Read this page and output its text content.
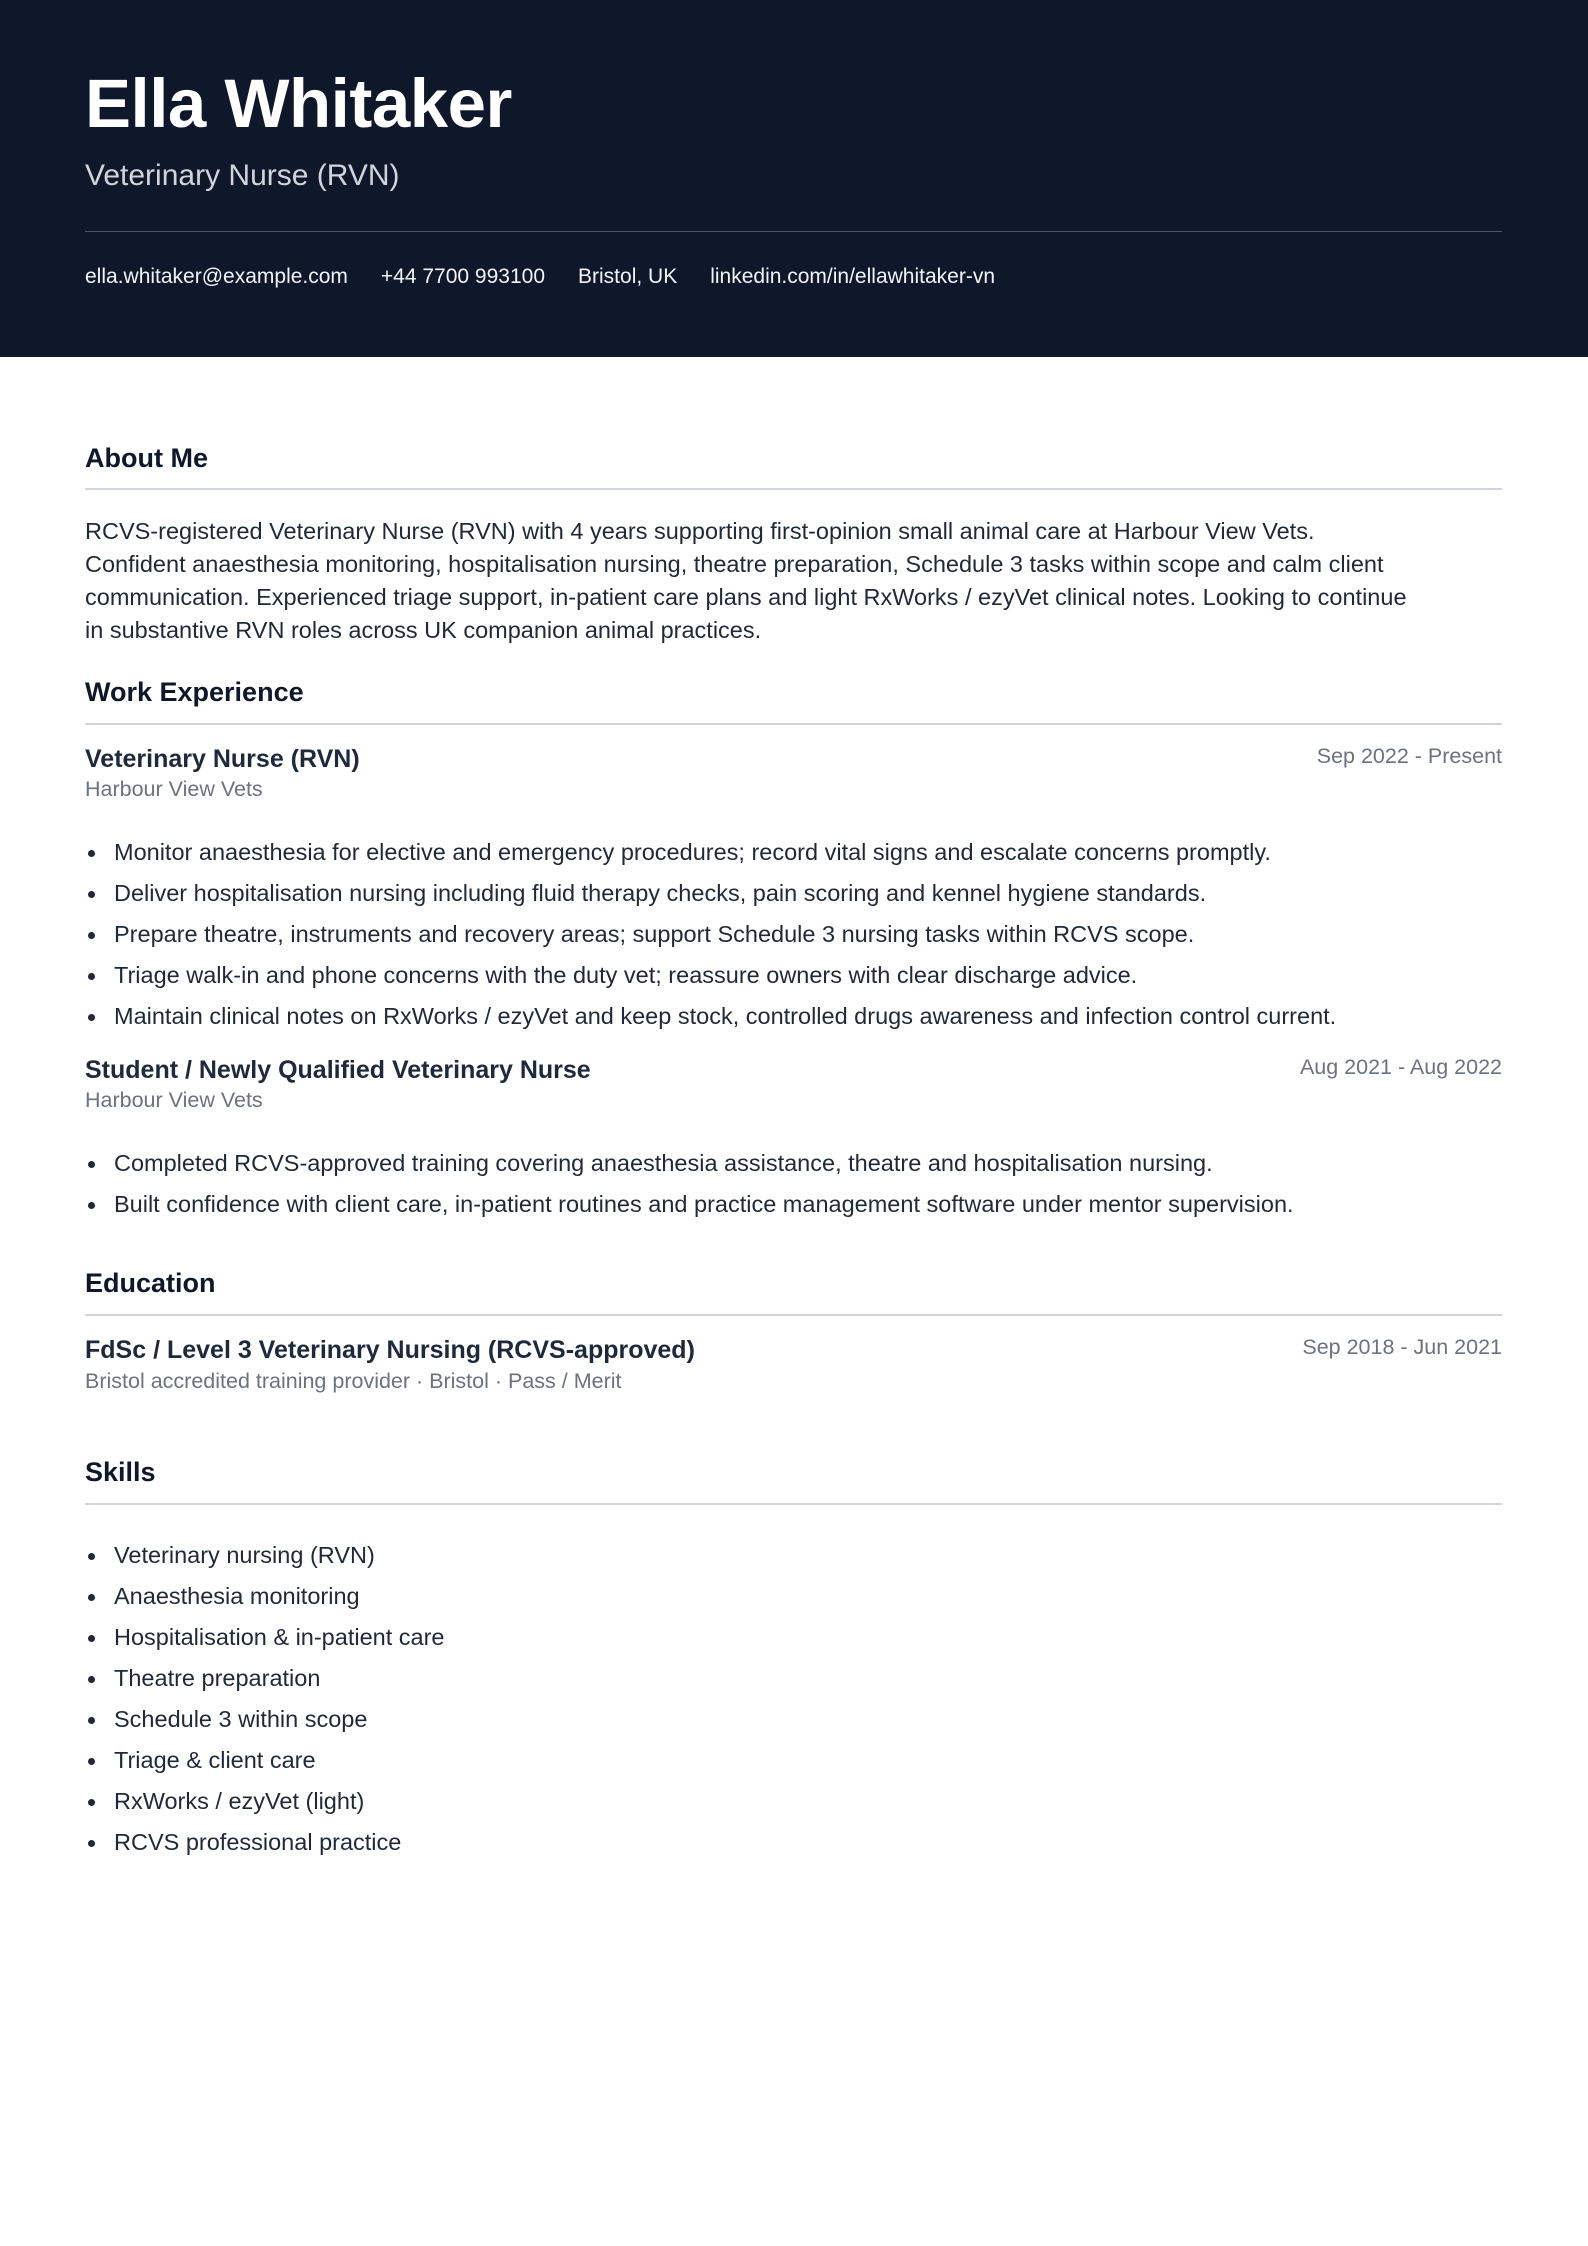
Ella Whitaker
Veterinary Nurse (RVN)
ella.whitaker@example.com +44 7700 993100 Bristol, UK linkedin.com/in/ellawhitaker-vn
About Me
RCVS-registered Veterinary Nurse (RVN) with 4 years supporting first-opinion small animal care at Harbour View Vets.
Confident anaesthesia monitoring, hospitalisation nursing, theatre preparation, Schedule 3 tasks within scope and calm client
communication. Experienced triage support, in-patient care plans and light RxWorks / ezyVet clinical notes. Looking to continue
in substantive RVN roles across UK companion animal practices.
Work Experience
Veterinary Nurse (RVN)	Sep 2022 - Present
Harbour View Vets
Monitor anaesthesia for elective and emergency procedures; record vital signs and escalate concerns promptly.
Deliver hospitalisation nursing including fluid therapy checks, pain scoring and kennel hygiene standards.
Prepare theatre, instruments and recovery areas; support Schedule 3 nursing tasks within RCVS scope.
Triage walk-in and phone concerns with the duty vet; reassure owners with clear discharge advice.
Maintain clinical notes on RxWorks / ezyVet and keep stock, controlled drugs awareness and infection control current.
Student / Newly Qualified Veterinary Nurse	Aug 2021 - Aug 2022
Harbour View Vets
Completed RCVS-approved training covering anaesthesia assistance, theatre and hospitalisation nursing.
Built confidence with client care, in-patient routines and practice management software under mentor supervision.
Education
FdSc / Level 3 Veterinary Nursing (RCVS-approved)	Sep 2018 - Jun 2021
Bristol accredited training provider · Bristol · Pass / Merit
Skills
Veterinary nursing (RVN)
Anaesthesia monitoring
Hospitalisation & in-patient care
Theatre preparation
Schedule 3 within scope
Triage & client care
RxWorks / ezyVet (light)
RCVS professional practice
